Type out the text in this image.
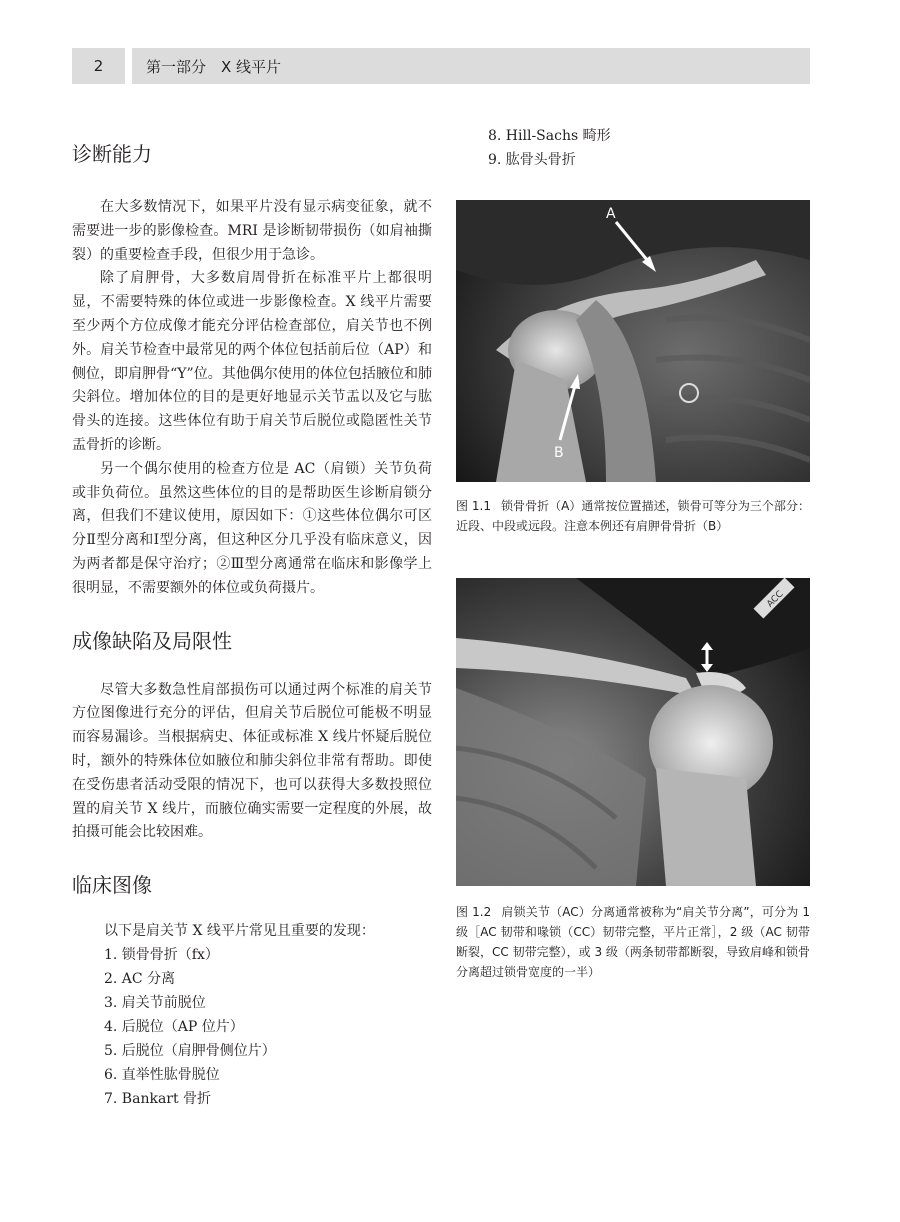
2	第一部分　X 线平片
诊断能力

在大多数情况下，如果平片没有显示病变征象，就不需要进一步的影像检查。MRI 是诊断韧带损伤（如肩袖撕裂）的重要检查手段，但很少用于急诊。

除了肩胛骨，大多数肩周骨折在标准平片上都很明显，不需要特殊的体位或进一步影像检查。X 线平片需要至少两个方位成像才能充分评估检查部位，肩关节也不例外。肩关节检查中最常见的两个体位包括前后位（AP）和侧位，即肩胛骨“Y”位。其他偶尔使用的体位包括腋位和肺尖斜位。增加体位的目的是更好地显示关节盂以及它与肱骨头的连接。这些体位有助于肩关节后脱位或隐匿性关节盂骨折的诊断。

另一个偶尔使用的检查方位是 AC（肩锁）关节负荷或非负荷位。虽然这些体位的目的是帮助医生诊断肩锁分离，但我们不建议使用，原因如下：①这些体位偶尔可区分Ⅱ型分离和Ⅰ型分离，但这种区分几乎没有临床意义，因为两者都是保守治疗；②Ⅲ型分离通常在临床和影像学上很明显，不需要额外的体位或负荷摄片。

成像缺陷及局限性

尽管大多数急性肩部损伤可以通过两个标准的肩关节方位图像进行充分的评估，但肩关节后脱位可能极不明显而容易漏诊。当根据病史、体征或标准 X 线片怀疑后脱位时，额外的特殊体位如腋位和肺尖斜位非常有帮助。即使在受伤患者活动受限的情况下，也可以获得大多数投照位置的肩关节 X 线片，而腋位确实需要一定程度的外展，故拍摄可能会比较困难。

临床图像
以下是肩关节 X 线平片常见且重要的发现：
1. 锁骨骨折（fx）
2. AC 分离
3. 肩关节前脱位
4. 后脱位（AP 位片）
5. 后脱位（肩胛骨侧位片）
6. 直举性肱骨脱位
7. Bankart 骨折
8. Hill-Sachs 畸形
9. 肱骨头骨折
A
B
图 1.1 锁骨骨折（A）通常按位置描述，锁骨可等分为三个部分：近段、中段或远段。注意本例还有肩胛骨骨折（B）
ACC
图 1.2 肩锁关节（AC）分离通常被称为“肩关节分离”，可分为 1 级［AC 韧带和喙锁（CC）韧带完整，平片正常］，2 级（AC 韧带断裂，CC 韧带完整），或 3 级（两条韧带都断裂，导致肩峰和锁骨分离超过锁骨宽度的一半）
